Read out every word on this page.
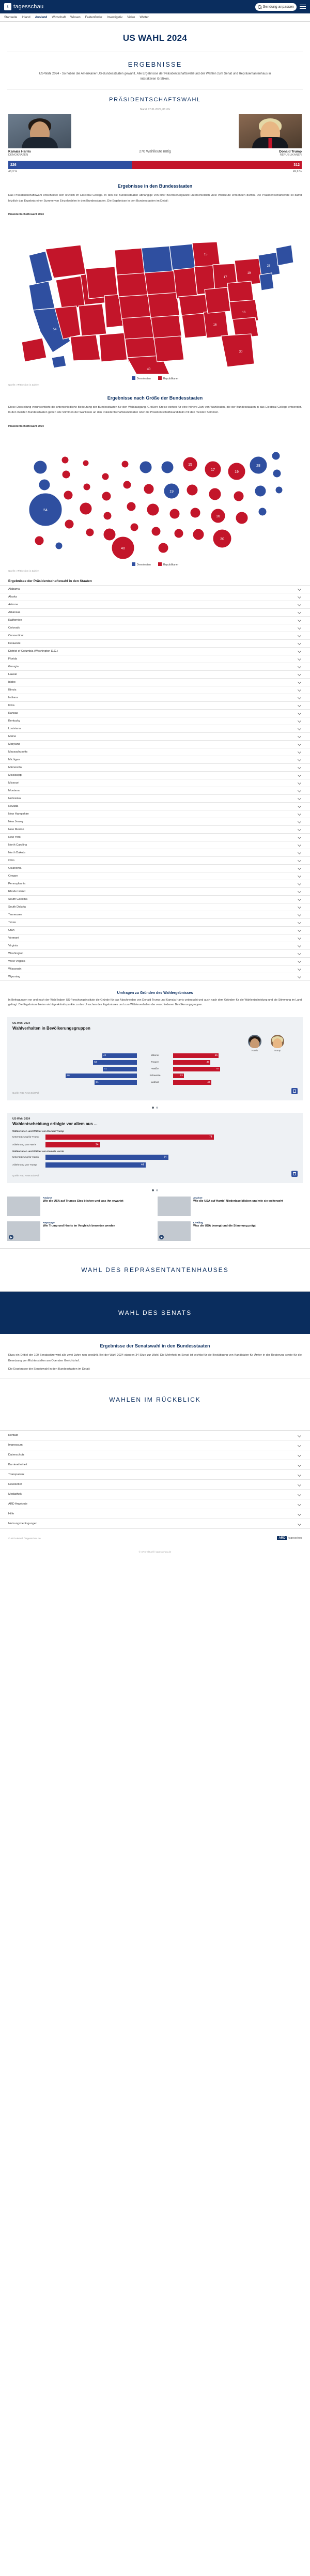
t tagesschau	Sendung anpassen
Startseite Inland Ausland Wirtschaft Wissen Faktenfinder Investigativ Video Wetter
US WAHL 2024
ERGEBNISSE
US-Wahl 2024 - So hoben die Amerikaner US-Bundesstaaten gewählt. Alle Ergebnisse der Präsidentschaftswahl und der Wahlen zum Senat und Repräsentantenhaus in interaktiven Grafiken.
PRÄSIDENTSCHAFTSWAHL
Stand: 07.01.2025, 08 Uhr
Kamala Harris
DEMOKRATEN
270 Wahlleute nötig	Donald Trump
REPUBLIKANER
226	312
48,3 %	49,9 %
Ergebnisse in den Bundesstaaten

Das Präsidentschaftswahl entscheidet sich letztlich im Electoral College. In den die Bundesstaaten abhängige von ihrer Bevölkerungszahl unterschiedlich viele Wahlleute entsenden dürfen. Die Präsidentschaftswahl ist damit letztlich das Ergebnis einer Summe von Einzelwahlen in den Bundesstaaten. Die Ergebnisse in den Bundesstaaten im Detail:

Präsidentschaftswahl 2024
54
40
30
28
19
17
15
16
16
Demokraten	Republikaner
Quelle: AP/Election in Zahlen
Ergebnisse nach Größe der Bundesstaaten

Diese Darstellung verunsichtlicht die unterschiedliche Bedeutung der Bundesstaaten für den Wahlausgang. Größere Kreise stehen für eine höhere Zahl von Wahlleuten, die der Bundesstaaten in das Electoral College entsendet. In den meisten Bundesstaaten gehen alle Stimmen der Wahlleute an den Präsidentschaftskandidaten oder die Präsidentschaftskandidatin mit den meisten Stimmen.

Präsidentschaftswahl 2024
54
40
30
28
19
17
15
19
16
Demokraten	Republikaner
Quelle: AP/Election in Zahlen
Ergebnisse der Präsidentschaftswahl in den Staaten
Alabama
Alaska
Arizona
Arkansas
Kalifornien
Colorado
Connecticut
Delaware
District of Columbia (Washington D.C.)
Florida
Georgia
Hawaii
Idaho
Illinois
Indiana
Iowa
Kansas
Kentucky
Louisiana
Maine
Maryland
Massachusetts
Michigan
Minnesota
Mississippi
Missouri
Montana
Nebraska
Nevada
New Hampshire
New Jersey
New Mexico
New York
North Carolina
North Dakota
Ohio
Oklahoma
Oregon
Pennsylvania
Rhode Island
South Carolina
South Dakota
Tennessee
Texas
Utah
Vermont
Virginia
Washington
West Virginia
Wisconsin
Wyoming
Umfragen zu Gründen des Wahlergebnisses
In Befragungen vor und nach der Wahl haben US-Forschungsinstitute die Gründe für das Abschneiden von Donald Trump und Kamala Harris untersucht und auch nach dem Gründen für die Wahlentscheidung und die Stimmung im Land gefragt. Die Ergebnisse bieten wichtige Anhaltspunkte zu den Ursachen des Ergebnisses und zum Wählerverhalten der verschiedenen Bevölkerungsgruppen.
US-Wahl 2024
Wahlverhalten in Bevölkerungsgruppen
Harris	Trump
42	Männer	55
53	Frauen	45
41	Weiße	57
86	Schwarze	13
51	Latinos	46
Quelle: NBC News Exit Poll
US-Wahl 2024
Wahlentscheidung erfolgte vor allem aus ...
Wählerinnen und Wähler von Donald Trump
Unterstützung für Trump	74
Ablehnung von Harris	24
Wählerinnen und Wähler von Kamala Harris
Unterstützung für Harris	54
Ablehnung von Trump	44
Quelle: NBC News Exit Poll
Analyse
Wie die USA auf Trumps Sieg blicken und was ihn erwartet
Analyse
Wie die USA auf Harris' Niederlage blicken und wie sie weitergeht
Reportage
Wie Trump und Harris im Vergleich bewerten werden
Liveblog
Was die USA bewegt und die Stimmung prägt
WAHL DES REPRÄSENTANTENHAUSES
WAHL DES SENATS
Ergebnisse der Senatswahl in den Bundesstaaten

Etwa ein Drittel der 100 Senatssitze wird alle zwei Jahre neu gewählt. Bei der Wahl 2024 standen 34 Sitze zur Wahl. Die Mehrheit im Senat ist wichtig für die Bestätigung von Kandidaten für Ämter in der Regierung sowie für die Besetzung von Richterstellen am Obersten Gerichtshof.

Die Ergebnisse der Senatswahl in den Bundesstaaten im Detail:

WAHLEN IM RÜCKBLICK
Kontakt
Impressum
Datenschutz
Barrierefreiheit
Transparenz
Newsletter
Mediathek
ARD Angebote
Hilfe
Nutzungsbedingungen
© ARD-aktuell / tagesschau.de	ARD	tagesschau
© ARD-aktuell / tagesschau.de
